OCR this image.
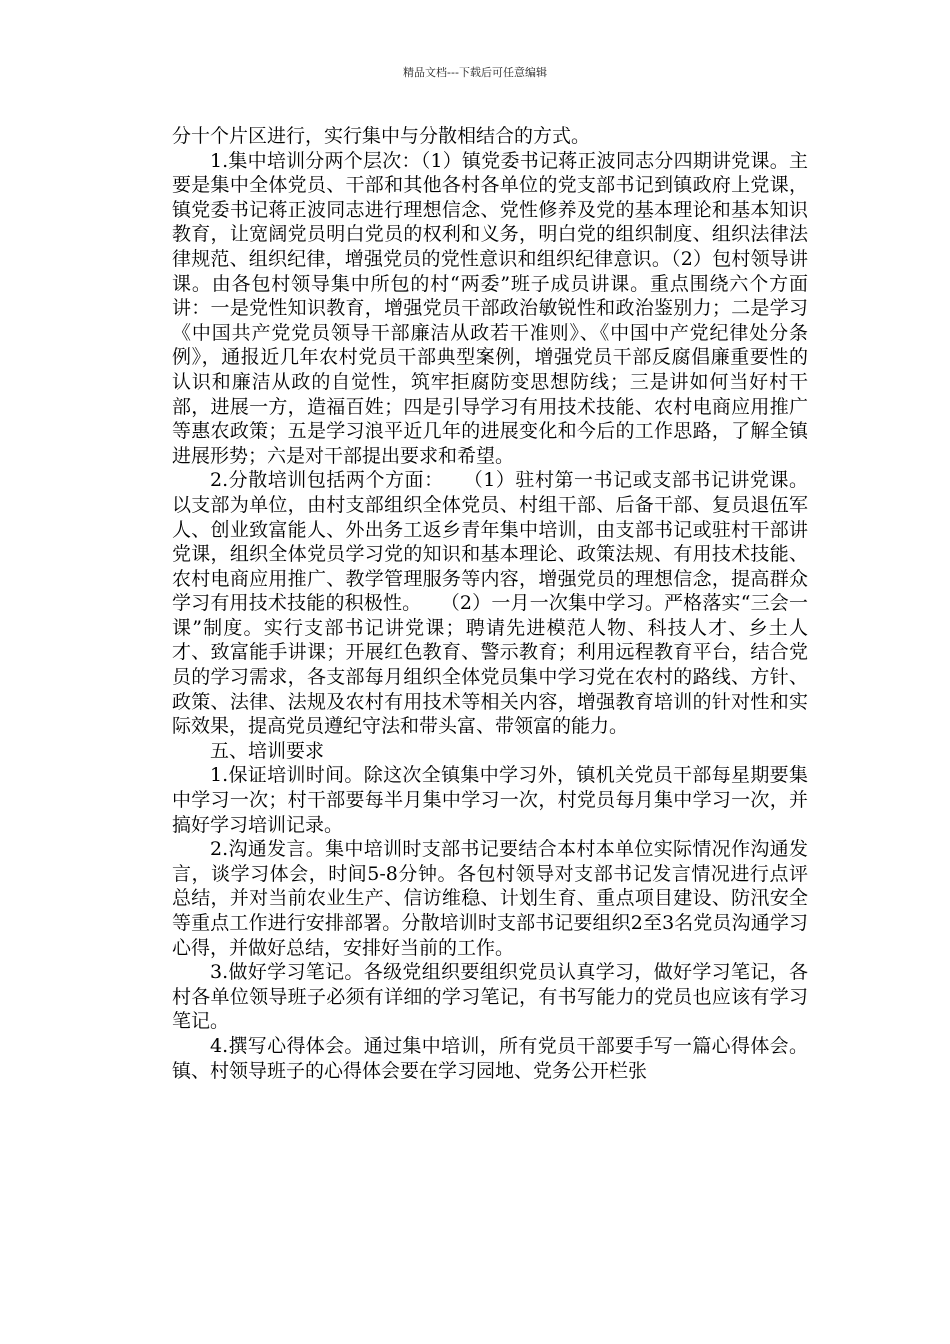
精品文档---下载后可任意编辑

分十个片区进行，实行集中与分散相结合的方式。

1.集中培训分两个层次：（1）镇党委书记蒋正波同志分四期讲党课。主要是集中全体党员、干部和其他各村各单位的党支部书记到镇政府上党课，镇党委书记蒋正波同志进行理想信念、党性修养及党的基本理论和基本知识教育，让宽阔党员明白党员的权利和义务，明白党的组织制度、组织法律法律规范、组织纪律，增强党员的党性意识和组织纪律意识。（2）包村领导讲课。由各包村领导集中所包的村“两委”班子成员讲课。重点围绕六个方面讲：一是党性知识教育，增强党员干部政治敏锐性和政治鉴别力；二是学习《中国共产党党员领导干部廉洁从政若干准则》、《中国中产党纪律处分条例》，通报近几年农村党员干部典型案例，增强党员干部反腐倡廉重要性的认识和廉洁从政的自觉性，筑牢拒腐防变思想防线；三是讲如何当好村干部，进展一方，造福百姓；四是引导学习有用技术技能、农村电商应用推广等惠农政策；五是学习浪平近几年的进展变化和今后的工作思路，了解全镇进展形势；六是对干部提出要求和希望。

2.分散培训包括两个方面：　　（1）驻村第一书记或支部书记讲党课。以支部为单位，由村支部组织全体党员、村组干部、后备干部、复员退伍军人、创业致富能人、外出务工返乡青年集中培训，由支部书记或驻村干部讲党课，组织全体党员学习党的知识和基本理论、政策法规、有用技术技能、农村电商应用推广、教学管理服务等内容，增强党员的理想信念，提高群众学习有用技术技能的积极性。　　（2）一月一次集中学习。严格落实“三会一课”制度。实行支部书记讲党课；聘请先进模范人物、科技人才、乡土人才、致富能手讲课；开展红色教育、警示教育；利用远程教育平台，结合党员的学习需求，各支部每月组织全体党员集中学习党在农村的路线、方针、政策、法律、法规及农村有用技术等相关内容，增强教育培训的针对性和实际效果，提高党员遵纪守法和带头富、带领富的能力。

五、培训要求

1.保证培训时间。除这次全镇集中学习外，镇机关党员干部每星期要集中学习一次；村干部要每半月集中学习一次，村党员每月集中学习一次，并搞好学习培训记录。

2.沟通发言。集中培训时支部书记要结合本村本单位实际情况作沟通发言，谈学习体会，时间5-8分钟。各包村领导对支部书记发言情况进行点评总结，并对当前农业生产、信访维稳、计划生育、重点项目建设、防汛安全等重点工作进行安排部署。分散培训时支部书记要组织2至3名党员沟通学习心得，并做好总结，安排好当前的工作。

3.做好学习笔记。各级党组织要组织党员认真学习，做好学习笔记，各村各单位领导班子必须有详细的学习笔记，有书写能力的党员也应该有学习笔记。

4.撰写心得体会。通过集中培训，所有党员干部要手写一篇心得体会。镇、村领导班子的心得体会要在学习园地、党务公开栏张
